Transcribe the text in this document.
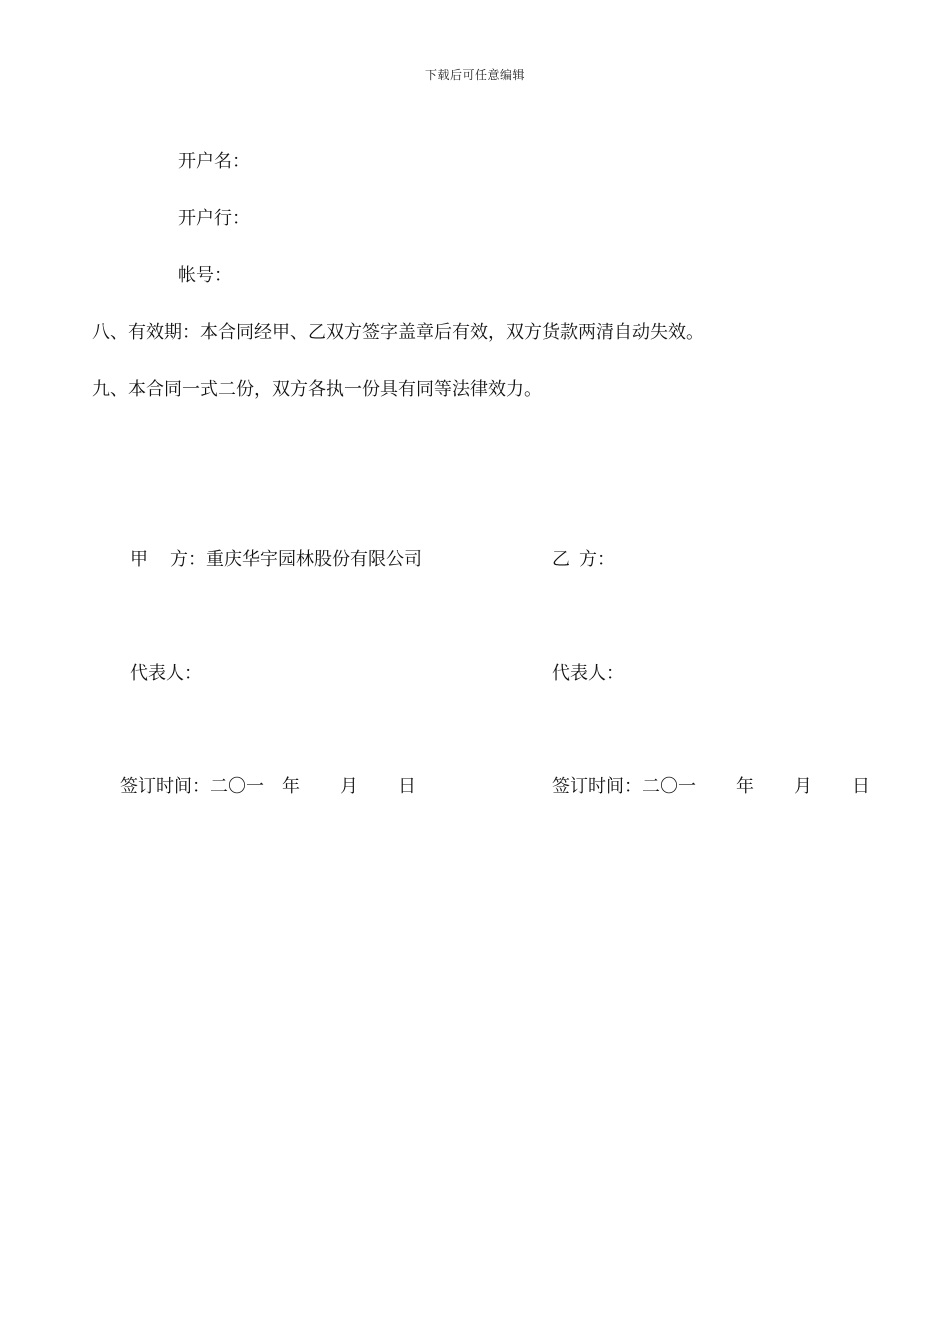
下载后可任意编辑
开户名：
开户行：
帐号：
八、有效期：本合同经甲、乙双方签字盖章后有效，双方货款两清自动失效。
九、本合同一式二份，双方各执一份具有同等法律效力。
甲 方：重庆华宇园林股份有限公司	乙 方：
代表人：	代表人：
签订时间：二〇一 年 月 日	签订时间：二〇一 年 月 日
